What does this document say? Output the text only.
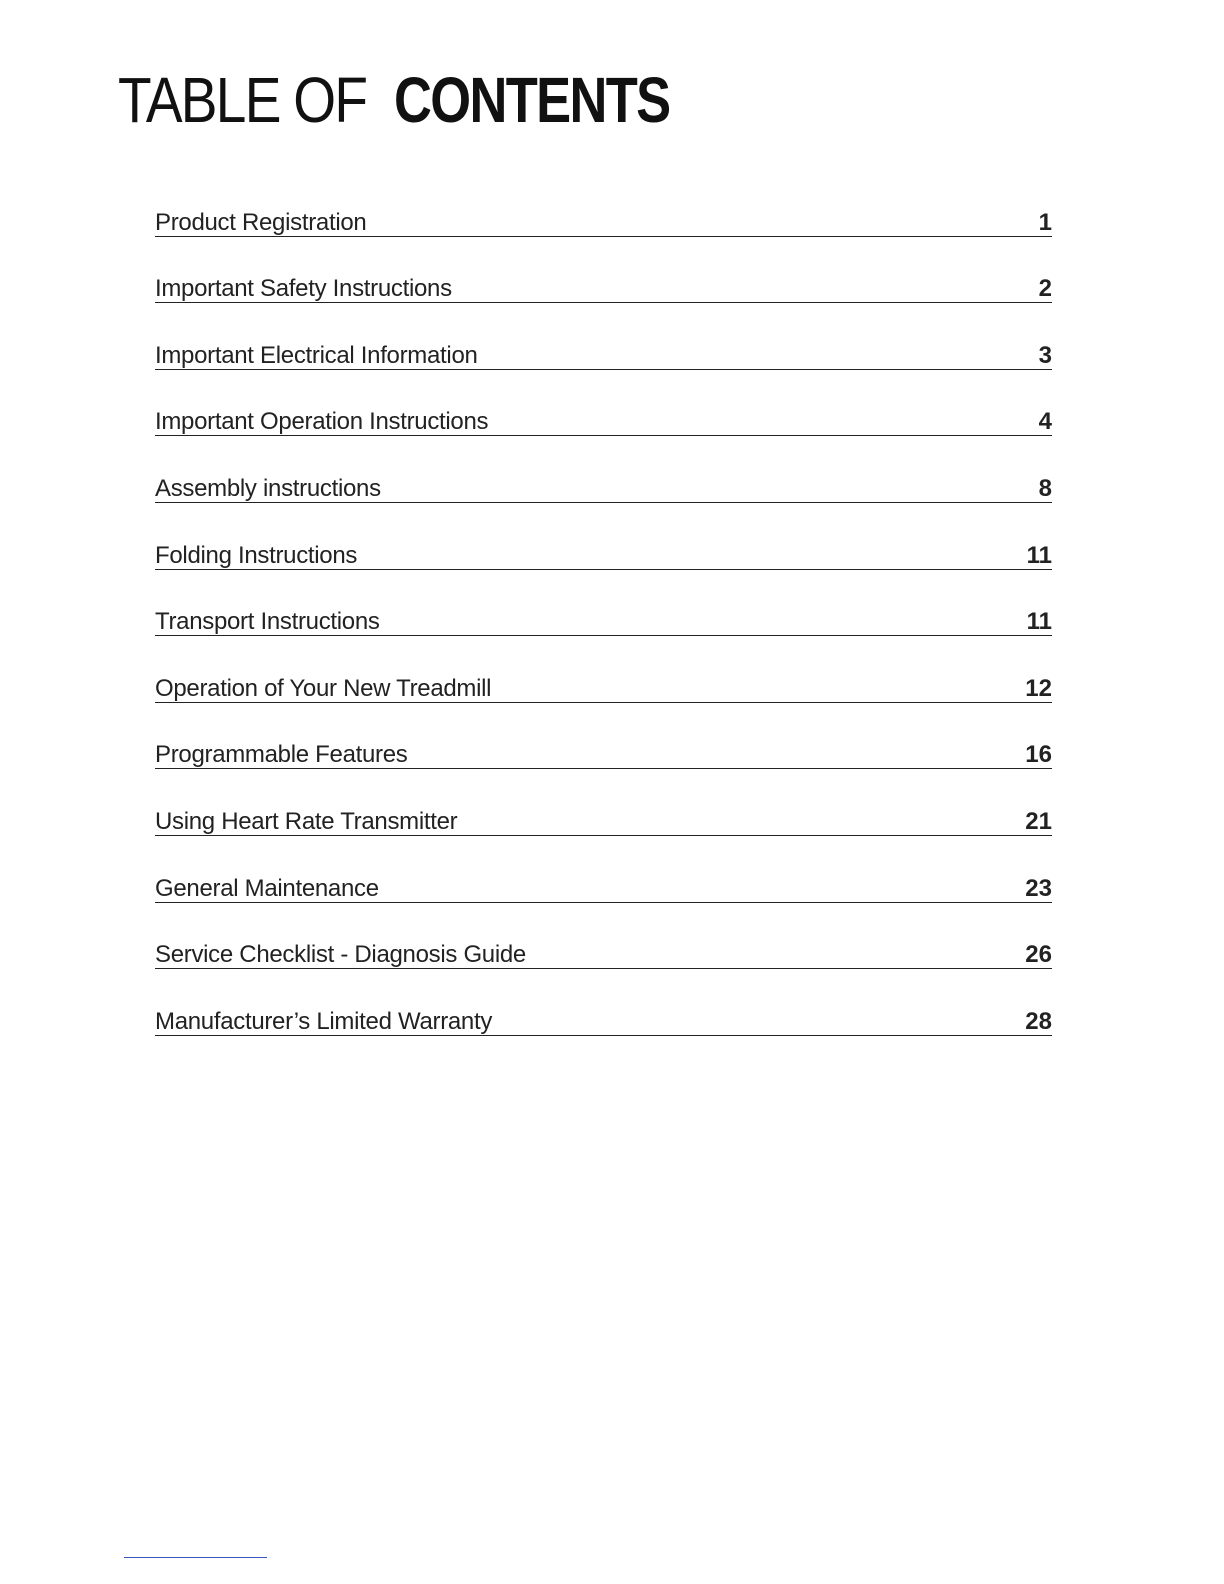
TABLE OF CONTENTS
Product Registration	1
Important Safety Instructions	2
Important Electrical Information	3
Important Operation Instructions	4
Assembly instructions	8
Folding Instructions	11
Transport Instructions	11
Operation of Your New Treadmill	12
Programmable Features	16
Using Heart Rate Transmitter	21
General Maintenance	23
Service Checklist - Diagnosis Guide	26
Manufacturer’s Limited Warranty	28
